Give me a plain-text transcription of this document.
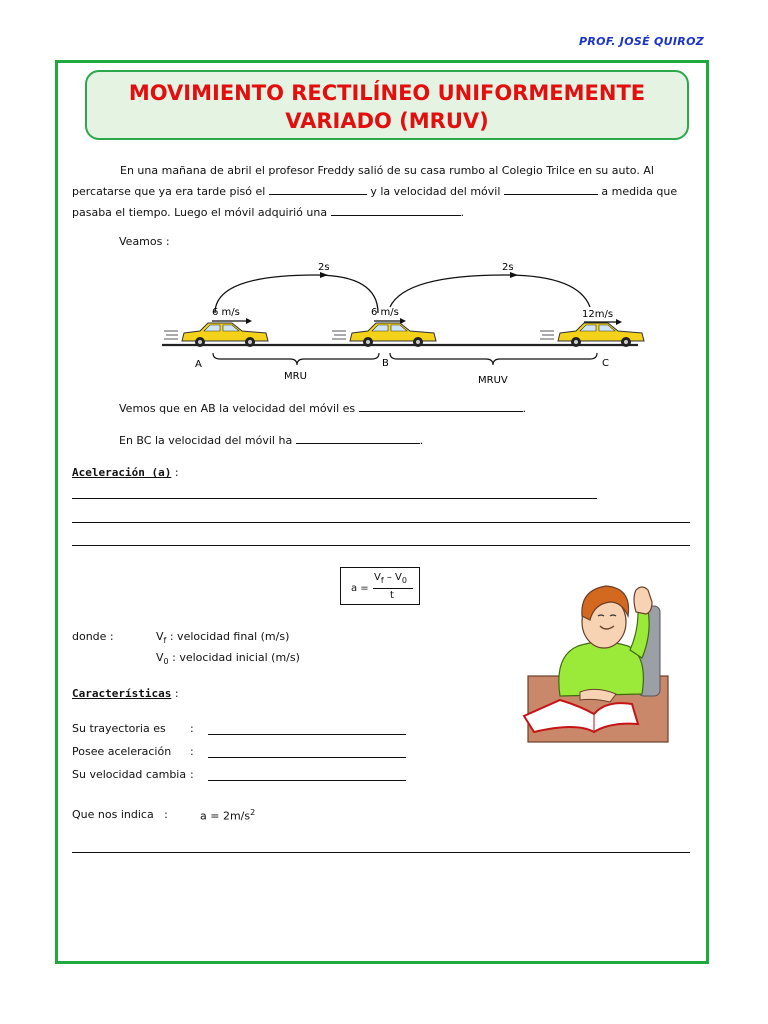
PROF. JOSÉ QUIROZ
MOVIMIENTO RECTILÍNEO UNIFORMEMENTE
VARIADO (MRUV)
En una mañana de abril el profesor Freddy salió de su casa rumbo al Colegio Trilce en su auto. Al percatarse que ya era tarde pisó el	y la velocidad del móvil	a medida que pasaba el tiempo. Luego el móvil adquirió una	.
Veamos :
2s	2s
6 m/s	6 m/s	12m/s
A	B	C
MRU	MRUV
Vemos que en AB la velocidad del móvil es	.
En BC la velocidad del móvil ha	.
Aceleración (a) :
a =
$V_f - V_0$
t
donde :	$V_f$ : velocidad final (m/s)
$V_0$ : velocidad inicial (m/s)
Características :
Su trayectoria es :
Posee aceleración :
Su velocidad cambia :
Que nos indica   :	$a = 2m/s^2$
